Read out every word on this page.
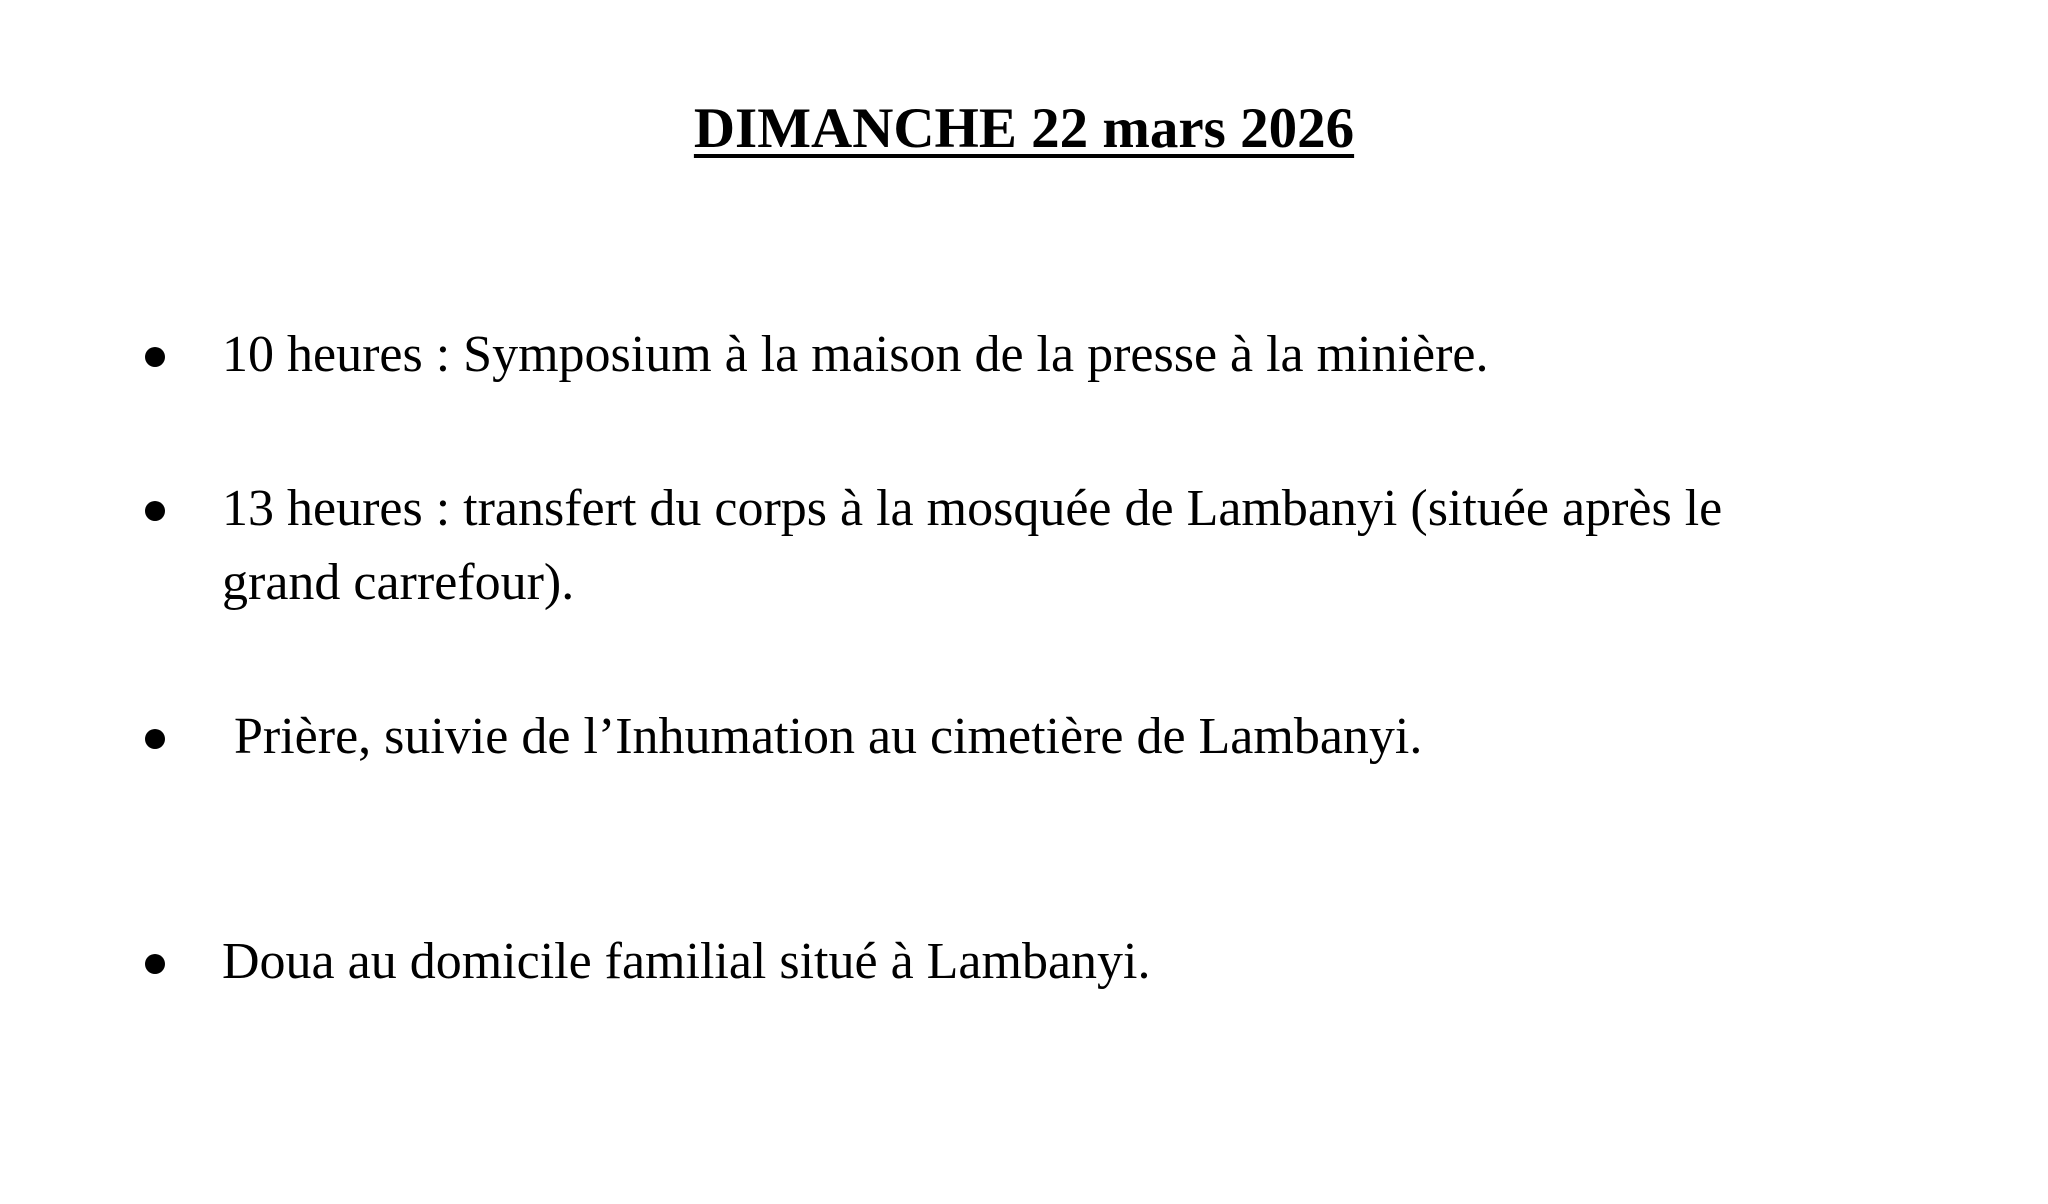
DIMANCHE 22 mars 2026
10 heures : Symposium à la maison de la presse à la minière.
13 heures : transfert du corps à la mosquée de Lambanyi (située après le
grand carrefour).
Prière, suivie de l’Inhumation au cimetière de Lambanyi.
Doua au domicile familial situé à Lambanyi.
